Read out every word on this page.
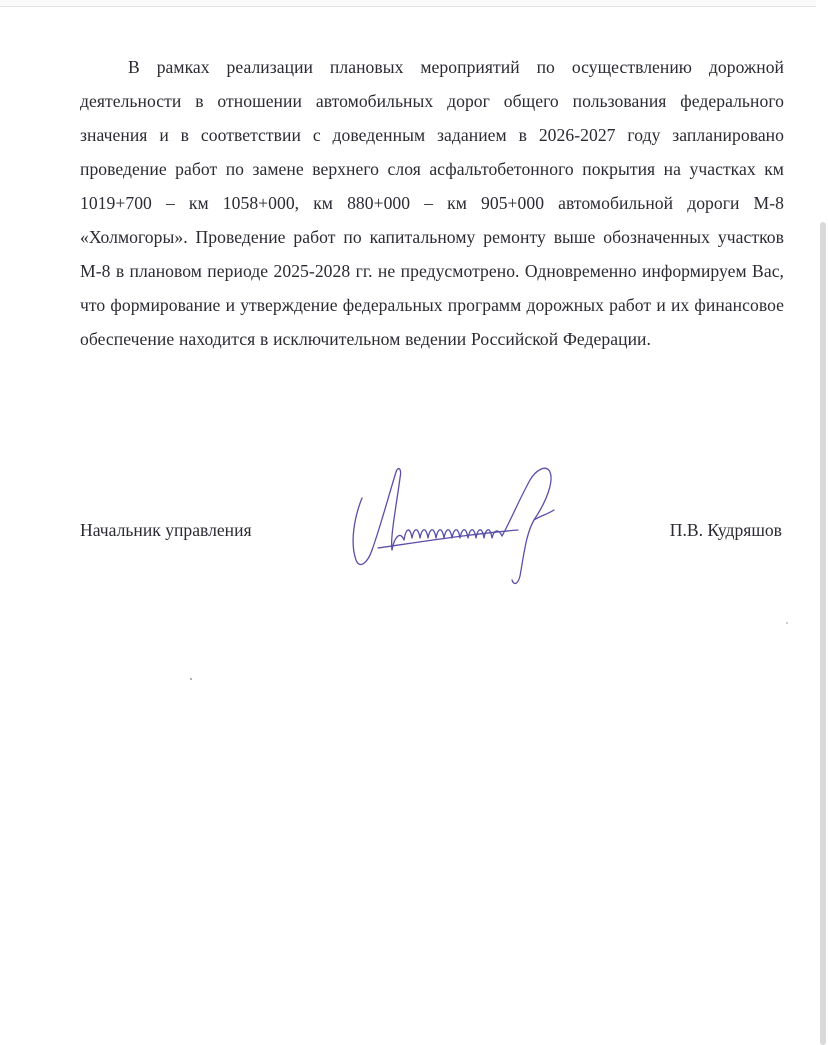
В рамках реализации плановых мероприятий по осуществлению дорожной деятельности в отношении автомобильных дорог общего пользования федерального значения и в соответствии с доведенным заданием в 2026-2027 году запланировано проведение работ по замене верхнего слоя асфальтобетонного покрытия на участках км 1019+700 – км 1058+000, км 880+000 – км 905+000 автомобильной дороги М-8 «Холмогоры». Проведение работ по капитальному ремонту выше обозначенных участков М-8 в плановом периоде 2025-2028 гг. не предусмотрено. Одновременно информируем Вас, что формирование и утверждение федеральных программ дорожных работ и их финансовое обеспечение находится в исключительном ведении Российской Федерации.

Начальник управления	П.В. Кудряшов
